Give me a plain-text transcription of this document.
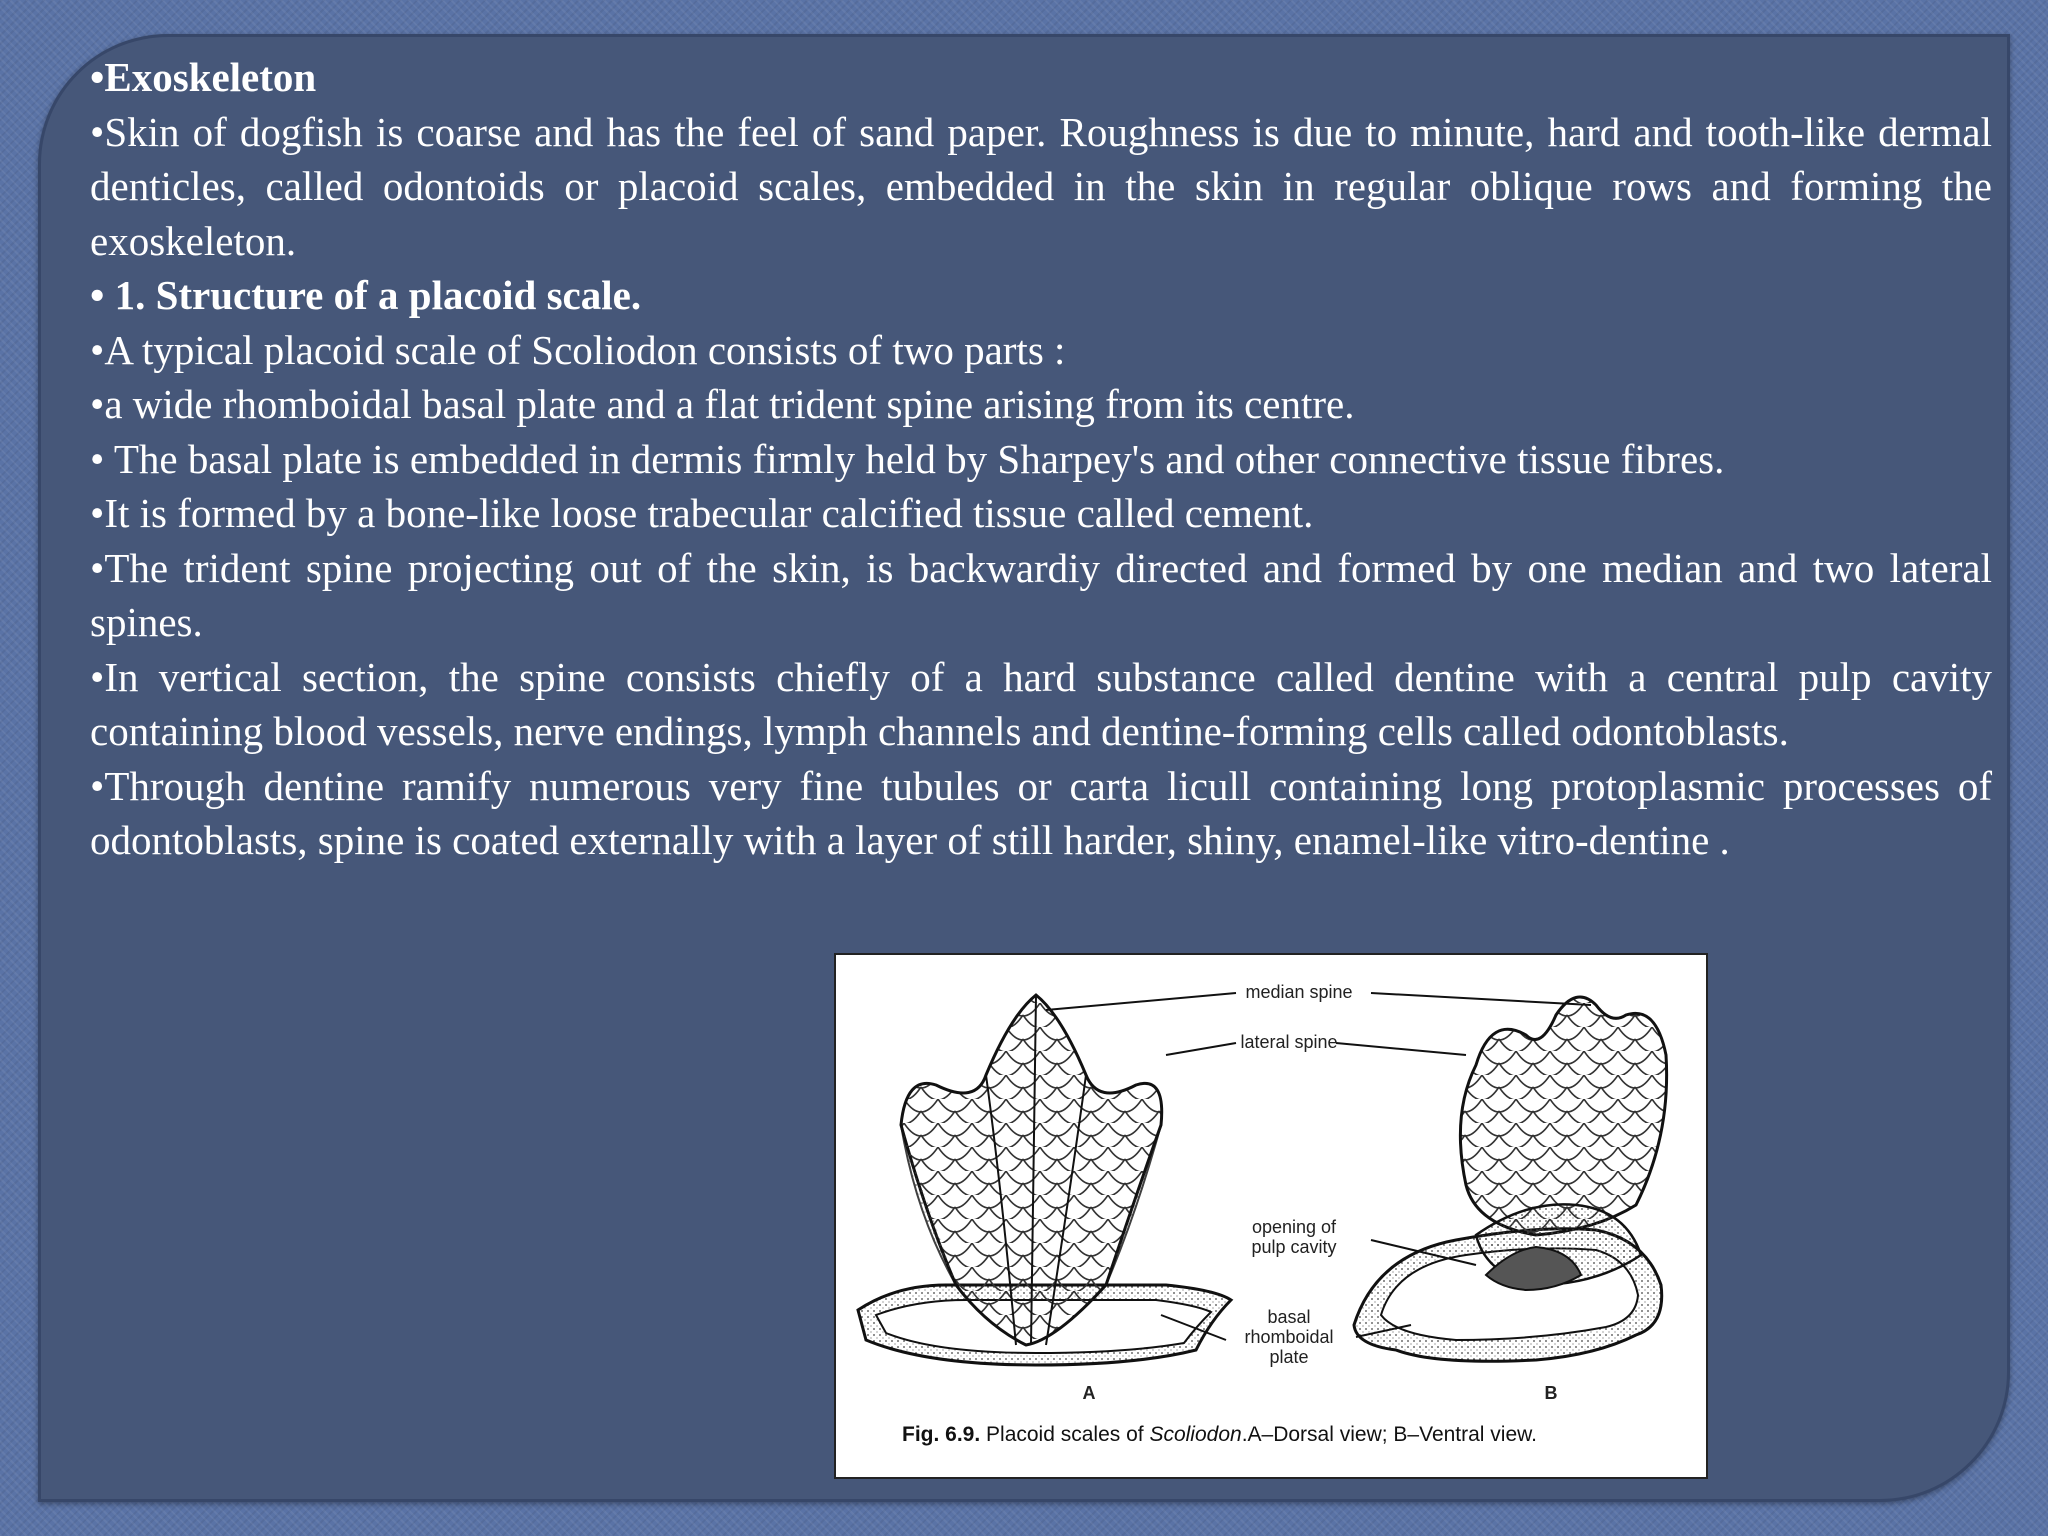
•Exoskeleton

•Skin of dogfish is coarse and has the feel of sand paper. Roughness is due to minute, hard and tooth-like dermal denticles, called odontoids or placoid scales, embedded in the skin in regular oblique rows and forming the exoskeleton.

• 1. Structure of a placoid scale.

•A typical placoid scale of Scoliodon consists of two parts :

•a wide rhomboidal basal plate and a flat trident spine arising from its centre.

• The basal plate is embedded in dermis firmly held by Sharpey's and other connective tissue fibres.

•It is formed by a bone-like loose trabecular calcified tissue called cement.

•The trident spine projecting out of the skin, is backwardiy directed and formed by one median and two lateral spines.

•In vertical section, the spine consists chiefly of a hard substance called dentine with a central pulp cavity containing blood vessels, nerve endings, lymph channels and dentine-forming cells called odontoblasts.

•Through dentine ramify numerous very fine tubules or carta licull containing long protoplasmic processes of odontoblasts, spine is coated externally with a layer of still harder, shiny, enamel-like vitro-dentine .

median spine
lateral spine
opening of
pulp cavity
basal
rhomboidal
plate
A	B
Fig. 6.9. Placoid scales of Scoliodon.A–Dorsal view; B–Ventral view.
